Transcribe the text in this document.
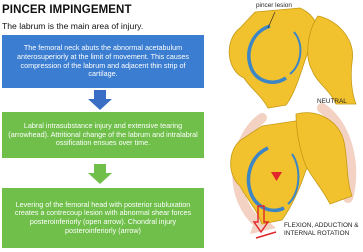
PINCER IMPINGEMENT
The labrum is the main area of injury.
The femoral neck abuts the abnormal acetabulum anterosuperiorly at the limit of movement. This causes compression of the labrum and adjacent thin strip of cartilage.
Labral intrasubstance injury and extensive tearing (arrowhead). Attritional change of the labrum and intralabral ossification ensues over time.
Levering of the femoral head with posterior subluxation creates a contrecoup lesion with abnormal shear forces posteroinferiorly (open arrow). Chondral injury posteroinferiorly (arrow)
pincer lesion
NEUTRAL
FLEXION, ADDUCTION &
INTERNAL ROTATION
